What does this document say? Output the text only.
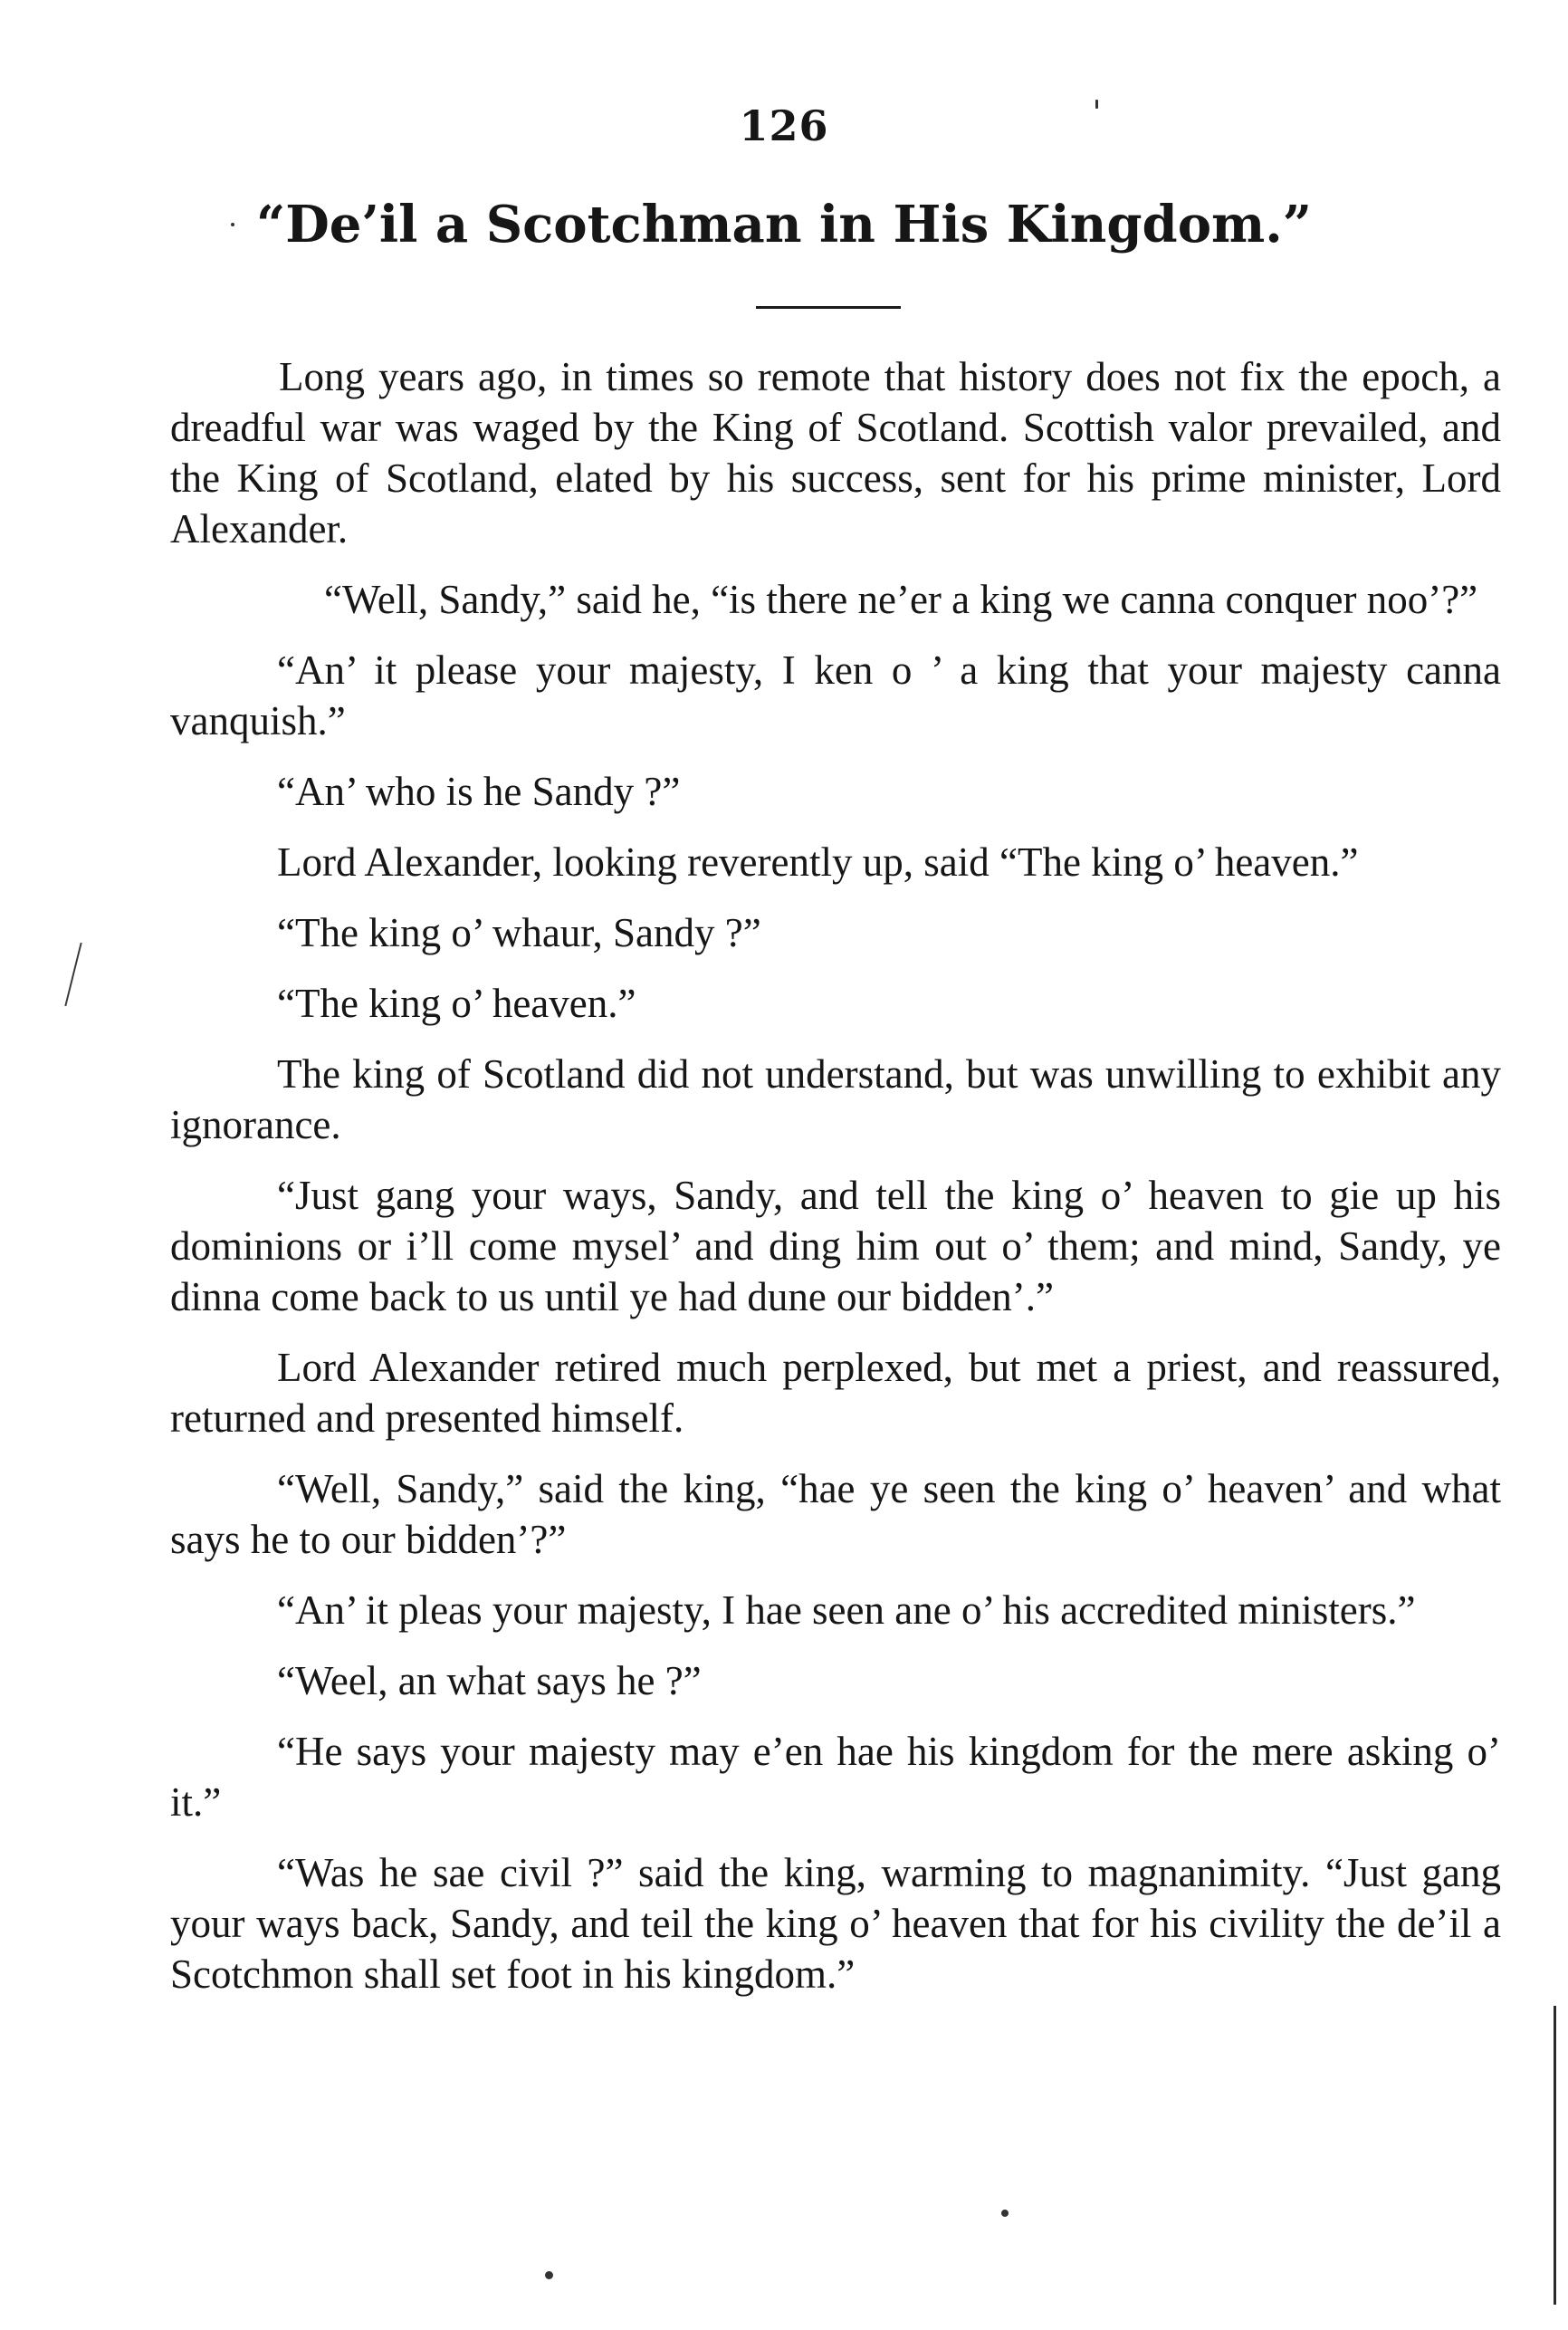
126

“De’il a Scotchman in His Kingdom.”

Long years ago, in times so remote that history does not fix the epoch, a dreadful war was waged by the King of Scotland. Scottish valor prevailed, and the King of Scotland, elated by his success, sent for his prime minister, Lord Alexander.

“Well, Sandy,” said he, “is there ne’er a king we canna conquer noo’?”

“An’ it please your majesty, I ken o ’ a king that your majesty canna vanquish.”

“An’ who is he Sandy ?”

Lord Alexander, looking reverently up, said “The king o’ heaven.”

“The king o’ whaur, Sandy ?”

“The king o’ heaven.”

The king of Scotland did not understand, but was unwilling to exhibit any ignorance.

“Just gang your ways, Sandy, and tell the king o’ heaven to gie up his dominions or i’ll come mysel’ and ding him out o’ them; and mind, Sandy, ye dinna come back to us until ye had dune our bidden’.”

Lord Alexander retired much perplexed, but met a priest, and reassured, returned and presented himself.

“Well, Sandy,” said the king, “hae ye seen the king o’ heaven’ and what says he to our bidden’?”

“An’ it pleas your majesty, I hae seen ane o’ his accredited ministers.”

“Weel, an what says he ?”

“He says your majesty may e’en hae his kingdom for the mere asking o’ it.”

“Was he sae civil ?” said the king, warming to magnanimity. “Just gang your ways back, Sandy, and teil the king o’ heaven that for his civility the de’il a Scotchmon shall set foot in his kingdom.”
